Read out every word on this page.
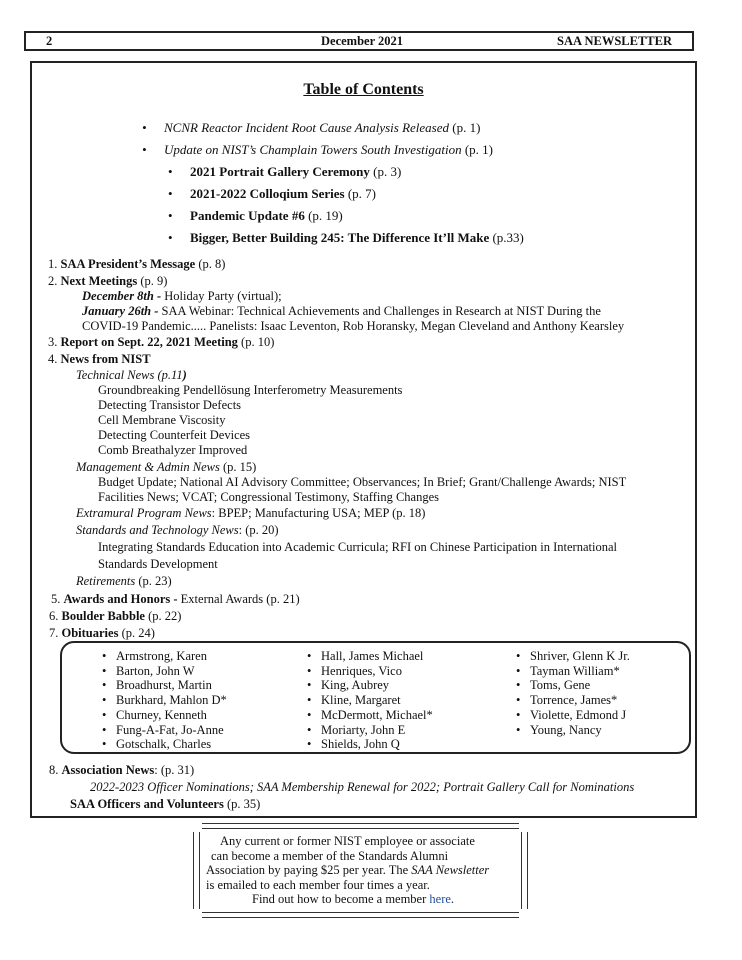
2	December 2021	SAA NEWSLETTER
Table of Contents
• NCNR Reactor Incident Root Cause Analysis Released (p. 1)
• Update on NIST’s Champlain Towers South Investigation (p. 1)
• 2021 Portrait Gallery Ceremony (p. 3)
• 2021-2022 Colloqium Series (p. 7)
• Pandemic Update #6 (p. 19)
• Bigger, Better Building 245: The Difference It’ll Make (p.33)
1. SAA President’s Message (p. 8)
2. Next Meetings (p. 9)
December 8th - Holiday Party (virtual);
January 26th - SAA Webinar: Technical Achievements and Challenges in Research at NIST During the
COVID-19 Pandemic..... Panelists: Isaac Leventon, Rob Horansky, Megan Cleveland and Anthony Kearsley
3. Report on Sept. 22, 2021 Meeting (p. 10)
4. News from NIST
Technical News (p.11)
Groundbreaking Pendellösung Interferometry Measurements
Detecting Transistor Defects
Cell Membrane Viscosity
Detecting Counterfeit Devices
Comb Breathalyzer Improved
Management & Admin News (p. 15)
Budget Update; National AI Advisory Committee; Observances; In Brief; Grant/Challenge Awards; NIST
Facilities News; VCAT; Congressional Testimony, Staffing Changes
Extramural Program News: BPEP; Manufacturing USA; MEP (p. 18)
Standards and Technology News: (p. 20)
Integrating Standards Education into Academic Curricula; RFI on Chinese Participation in International
Standards Development
Retirements (p. 23)
5. Awards and Honors - External Awards (p. 21)
6. Boulder Babble (p. 22)
7. Obituaries (p. 24)
• Armstrong, Karen
• Barton, John W
• Broadhurst, Martin
• Burkhard, Mahlon D*
• Churney, Kenneth
• Fung-A-Fat, Jo-Anne
• Gotschalk, Charles
• Hall, James Michael
• Henriques, Vico
• King, Aubrey
• Kline, Margaret
• McDermott, Michael*
• Moriarty, John E
• Shields, John Q
• Shriver, Glenn K Jr.
• Tayman William*
• Toms, Gene
• Torrence, James*
• Violette, Edmond J
• Young, Nancy
8. Association News: (p. 31)
2022-2023 Officer Nominations; SAA Membership Renewal for 2022; Portrait Gallery Call for Nominations
SAA Officers and Volunteers (p. 35)
Any current or former NIST employee or associate
can become a member of the Standards Alumni
Association by paying $25 per year. The SAA Newsletter
is emailed to each member four times a year.
Find out how to become a member here.
